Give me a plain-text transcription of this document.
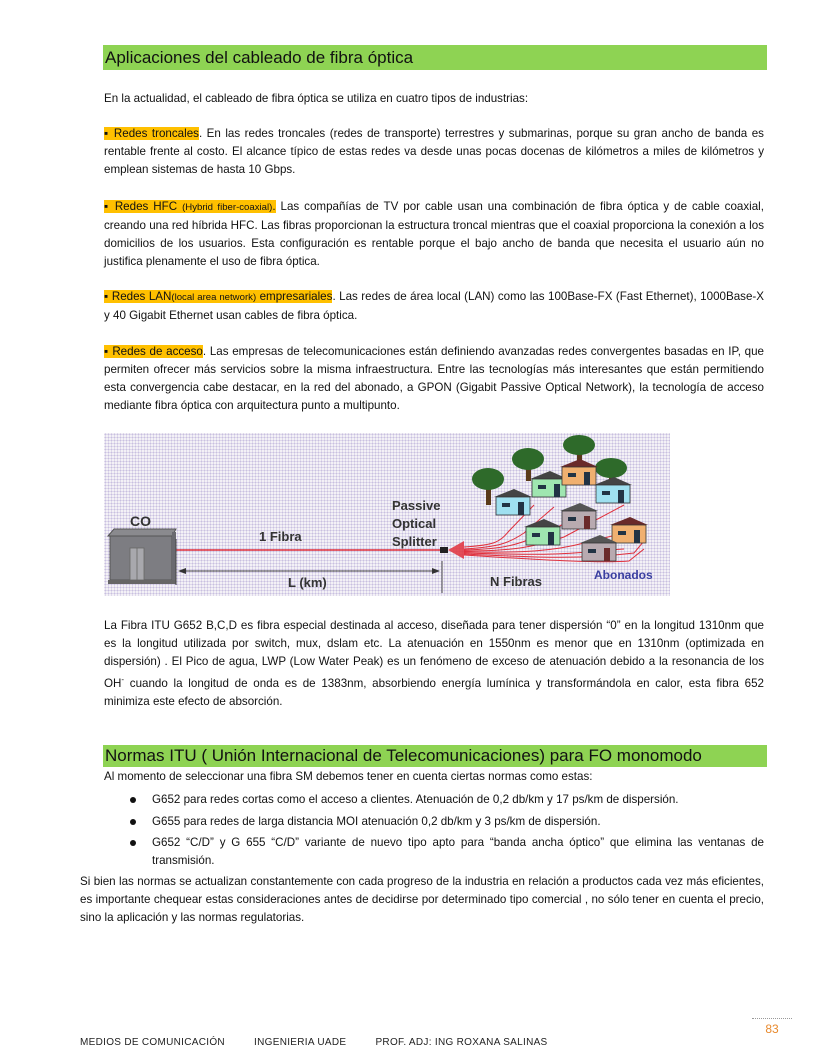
Aplicaciones del cableado de fibra óptica

En la actualidad, el cableado de fibra óptica se utiliza en cuatro tipos de industrias:

▪ Redes troncales. En las redes troncales (redes de transporte) terrestres y submarinas, porque su gran ancho de banda es rentable frente al costo. El alcance típico de estas redes va desde unas pocas docenas de kilómetros a miles de kilómetros y emplean sistemas de hasta 10 Gbps.

▪ Redes HFC (Hybrid fiber-coaxial). Las compañías de TV por cable usan una combinación de fibra óptica y de cable coaxial, creando una red híbrida HFC. Las fibras proporcionan la estructura troncal mientras que el coaxial proporciona la conexión a los domicilios de los usuarios. Esta configuración es rentable porque el bajo ancho de banda que necesita el usuario aún no justifica plenamente el uso de fibra óptica.

▪ Redes LAN(local area network) empresariales. Las redes de área local (LAN) como las 100Base-FX (Fast Ethernet), 1000Base-X y 40 Gigabit Ethernet usan cables de fibra óptica.

▪ Redes de acceso. Las empresas de telecomunicaciones están definiendo avanzadas redes convergentes basadas en IP, que permiten ofrecer más servicios sobre la misma infraestructura. Entre las tecnologías más interesantes que están permitiendo esta convergencia cabe destacar, en la red del abonado, a GPON (Gigabit Passive Optical Network), la tecnología de acceso mediante fibra óptica con arquitectura punto a multipunto.

CO
1 Fibra
L (km)
Passive
Optical
Splitter
N Fibras	Abonados

La Fibra ITU G652 B,C,D es fibra especial destinada al acceso, diseñada para tener dispersión “0” en la longitud 1310nm que es la longitud utilizada por switch, mux, dslam etc. La atenuación en 1550nm es menor que en 1310nm (optimizada en dispersión) . El Pico de agua, LWP (Low Water Peak) es un fenómeno de exceso de atenuación debido a la resonancia de los OH- cuando la longitud de onda es de 1383nm, absorbiendo energía lumínica y transformándola en calor, esta fibra 652 minimiza este efecto de absorción.

Normas ITU ( Unión Internacional de Telecomunicaciones) para FO monomodo

Al momento de seleccionar una fibra SM debemos tener en cuenta ciertas normas como estas:

G652 para redes cortas como el acceso a clientes. Atenuación de 0,2 db/km y 17 ps/km de dispersión.
G655 para redes de larga distancia MOI atenuación 0,2 db/km y 3 ps/km de dispersión.
G652 “C/D” y G 655 “C/D” variante de nuevo tipo apto para “banda ancha óptico” que elimina las ventanas de transmisión.

Si bien las normas se actualizan constantemente con cada progreso de la industria en relación a productos cada vez más eficientes, es importante chequear estas consideraciones antes de decidirse por determinado tipo comercial , no sólo tener en cuenta el precio, sino la aplicación y las normas regulatorias.

83
MEDIOS DE COMUNICACIÓN	INGENIERIA UADE	PROF. ADJ: ING ROXANA SALINAS
